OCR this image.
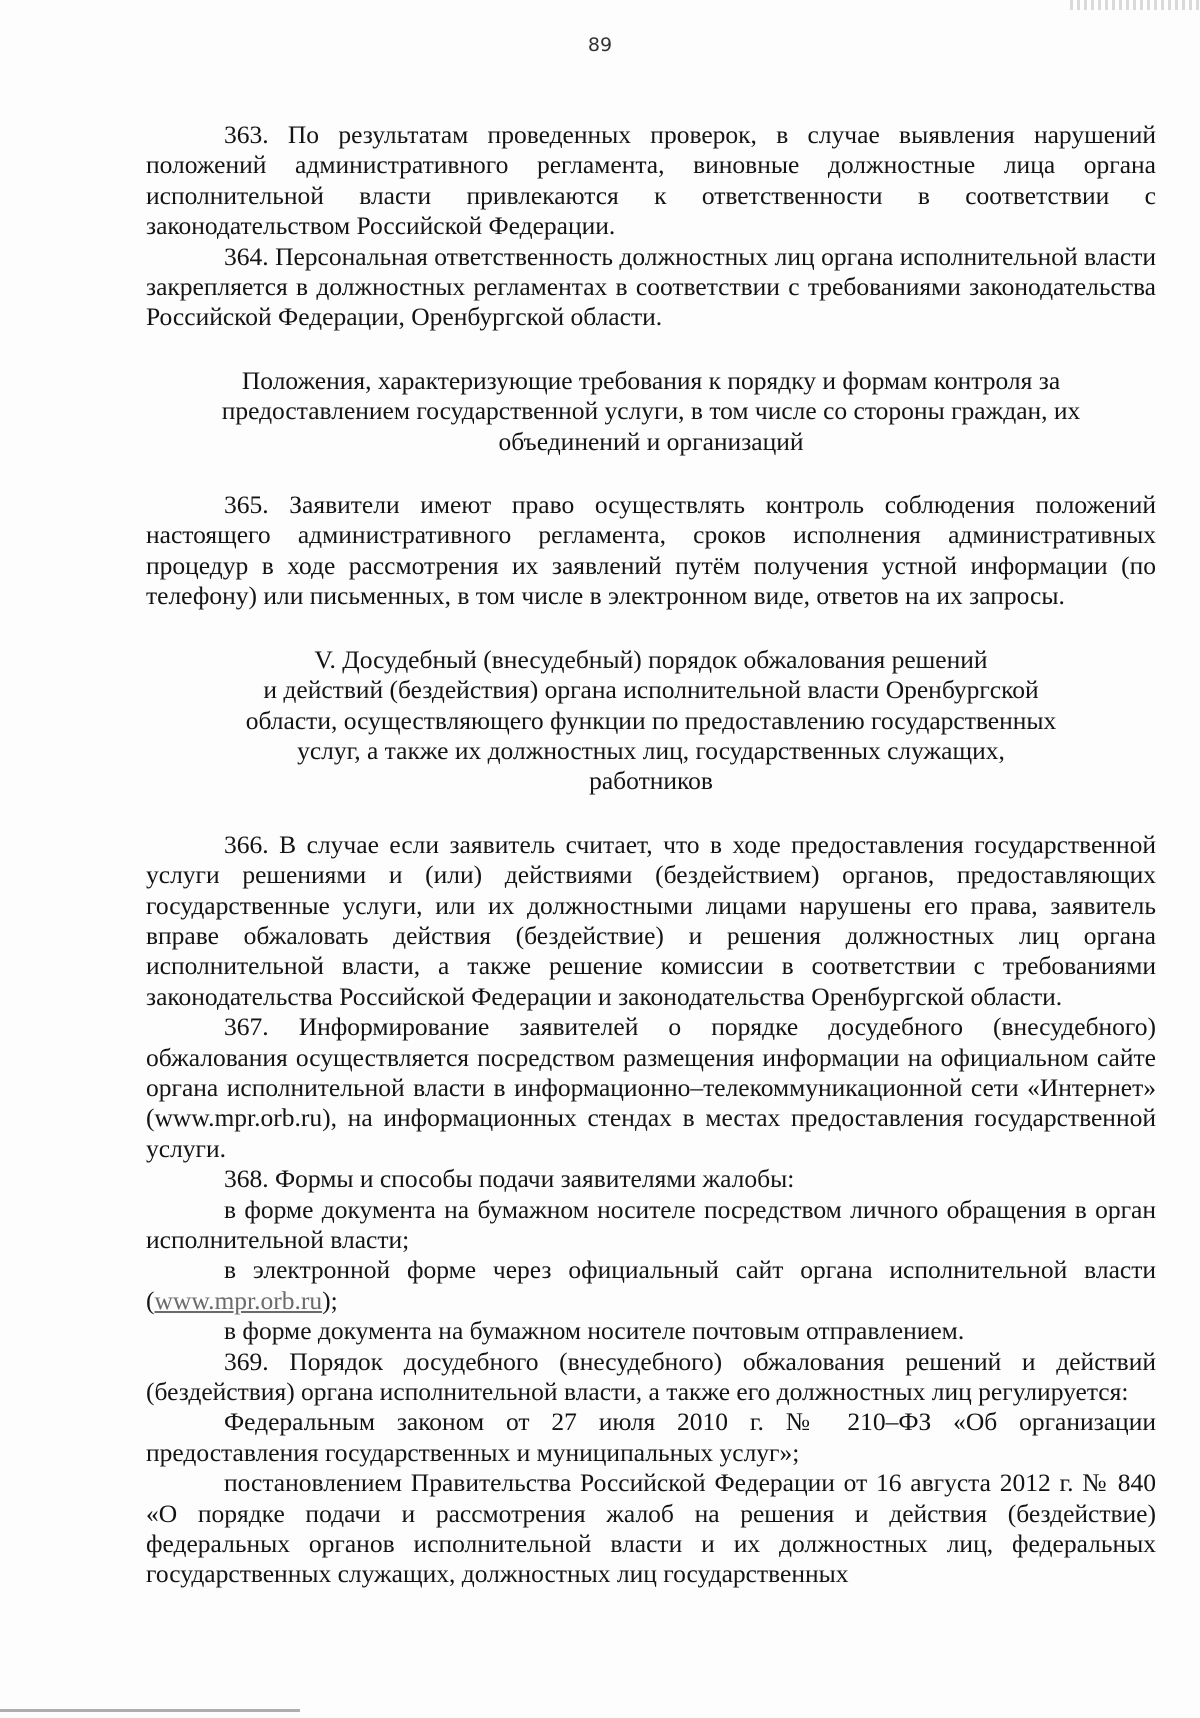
89

363. По результатам проведенных проверок, в случае выявления нарушений положений административного регламента, виновные должностные лица органа исполнительной власти привлекаются к ответственности в соответствии с законодательством Российской Федерации.

364. Персональная ответственность должностных лиц органа исполнительной власти закрепляется в должностных регламентах в соответствии с требованиями законодательства Российской Федерации, Оренбургской области.

Положения, характеризующие требования к порядку и формам контроля за
предоставлением государственной услуги, в том числе со стороны граждан, их
объединений и организаций

365. Заявители имеют право осуществлять контроль соблюдения положений настоящего административного регламента, сроков исполнения административных процедур в ходе рассмотрения их заявлений путём получения устной информации (по телефону) или письменных, в том числе в электронном виде, ответов на их запросы.

V. Досудебный (внесудебный) порядок обжалования решений
и действий (бездействия) органа исполнительной власти Оренбургской
области, осуществляющего функции по предоставлению государственных
услуг, а также их должностных лиц, государственных служащих,
работников

366. В случае если заявитель считает, что в ходе предоставления государственной услуги решениями и (или) действиями (бездействием) органов, предоставляющих государственные услуги, или их должностными лицами нарушены его права, заявитель вправе обжаловать действия (бездействие) и решения должностных лиц органа исполнительной власти, а также решение комиссии в соответствии с требованиями законодательства Российской Федерации и законодательства Оренбургской области.

367. Информирование заявителей о порядке досудебного (внесудебного) обжалования осуществляется посредством размещения информации на официальном сайте органа исполнительной власти в информационно–телекоммуникационной сети «Интернет» (www.mpr.orb.ru), на информационных стендах в местах предоставления государственной услуги.

368. Формы и способы подачи заявителями жалобы:

в форме документа на бумажном носителе посредством личного обращения в орган исполнительной власти;

в электронной форме через официальный сайт органа исполнительной власти (www.mpr.orb.ru);

в форме документа на бумажном носителе почтовым отправлением.

369. Порядок досудебного (внесудебного) обжалования решений и действий (бездействия) органа исполнительной власти, а также его должностных лиц регулируется:

Федеральным законом от 27 июля 2010 г. № 210–ФЗ «Об организации предоставления государственных и муниципальных услуг»;

постановлением Правительства Российской Федерации от 16 августа 2012 г. № 840 «О порядке подачи и рассмотрения жалоб на решения и действия (бездействие) федеральных органов исполнительной власти и их должностных лиц, федеральных государственных служащих, должностных лиц государственных
